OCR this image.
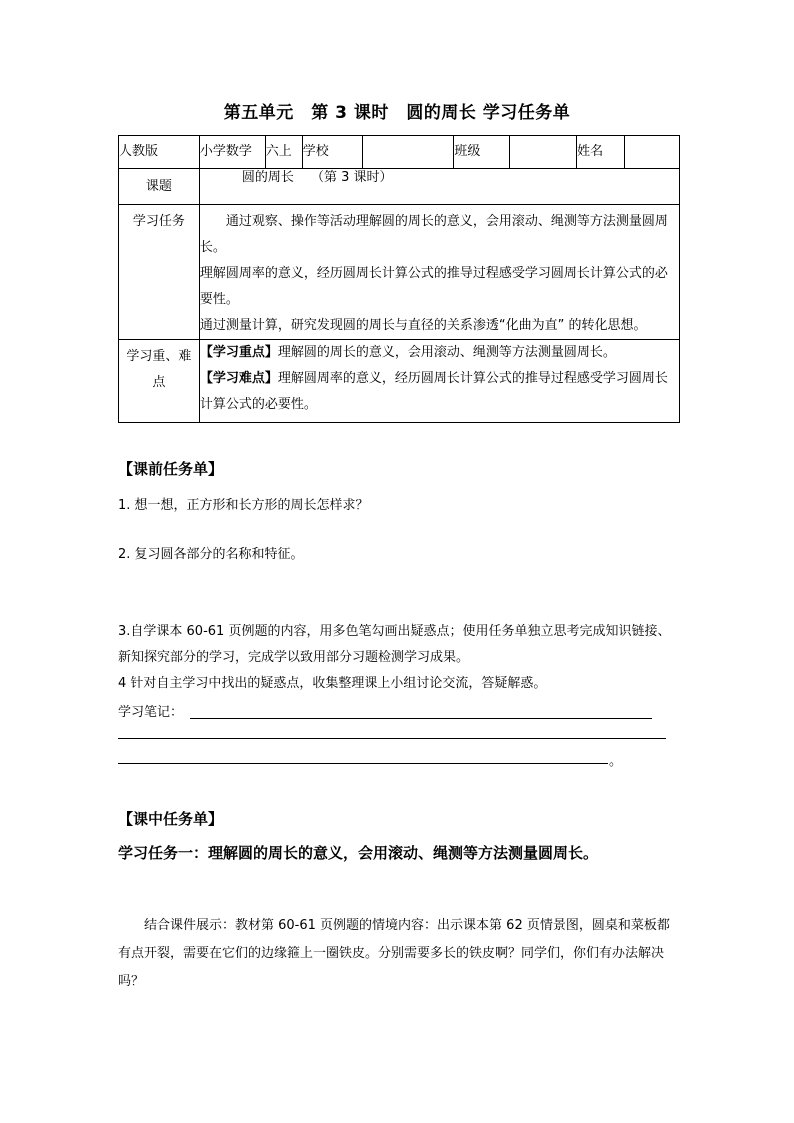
第五单元　第 3 课时　圆的周长 学习任务单
人教版	小学数学	六上	学校		班级		姓名	
课题	圆的周长　 （第 3 课时）							

学习任务	　　通过观察、操作等活动理解圆的周长的意义，会用滚动、绳测等方法测量圆周长。
理解圆周率的意义，经历圆周长计算公式的推导过程感受学习圆周长计算公式的必要性。
通过测量计算，研究发现圆的周长与直径的关系渗透“化曲为直” 的转化思想。							

学习重、难
点	【学习重点】理解圆的周长的意义，会用滚动、绳测等方法测量圆周长。
【学习难点】理解圆周率的意义，经历圆周长计算公式的推导过程感受学习圆周长计算公式的必要性。							
【课前任务单】
1. 想一想，正方形和长方形的周长怎样求？
2. 复习圆各部分的名称和特征。
3.自学课本 60-61 页例题的内容，用多色笔勾画出疑惑点；使用任务单独立思考完成知识链接、新知探究部分的学习，完成学以致用部分习题检测学习成果。
4 针对自主学习中找出的疑惑点，收集整理课上小组讨论交流，答疑解惑。
学习笔记：
。
【课中任务单】
学习任务一：理解圆的周长的意义，会用滚动、绳测等方法测量圆周长。
结合课件展示：教材第 60-61 页例题的情境内容：出示课本第 62 页情景图，圆桌和菜板都有点开裂，需要在它们的边缘箍上一圈铁皮。分别需要多长的铁皮啊？同学们，你们有办法解决吗？
